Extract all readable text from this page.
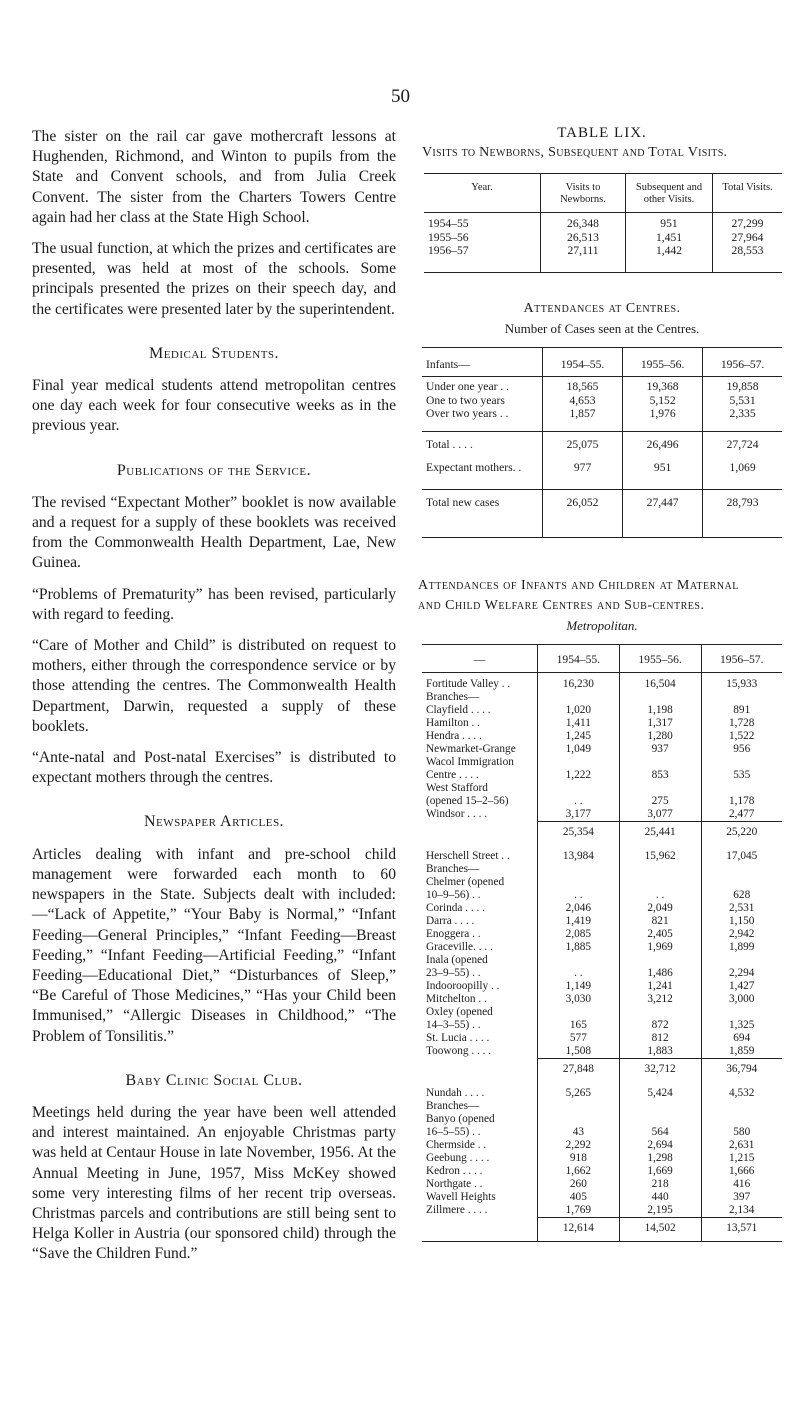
50

The sister on the rail car gave mothercraft lessons at Hughenden, Richmond, and Winton to pupils from the State and Convent schools, and from Julia Creek Convent. The sister from the Charters Towers Centre again had her class at the State High School.

The usual function, at which the prizes and certificates are presented, was held at most of the schools. Some principals presented the prizes on their speech day, and the certificates were presented later by the superintendent.

Medical Students.

Final year medical students attend metropolitan centres one day each week for four consecutive weeks as in the previous year.

Publications of the Service.

The revised “Expectant Mother” booklet is now available and a request for a supply of these booklets was received from the Commonwealth Health Department, Lae, New Guinea.

“Problems of Prematurity” has been revised, particularly with regard to feeding.

“Care of Mother and Child” is distributed on request to mothers, either through the correspondence service or by those attending the centres. The Commonwealth Health Department, Darwin, requested a supply of these booklets.

“Ante-natal and Post-natal Exercises” is distributed to expectant mothers through the centres.

Newspaper Articles.

Articles dealing with infant and pre-school child management were forwarded each month to 60 newspapers in the State. Subjects dealt with included:—“Lack of Appetite,” “Your Baby is Normal,” “Infant Feeding—General Principles,” “Infant Feeding—Breast Feeding,” “Infant Feeding—Artificial Feeding,” “Infant Feeding—Educational Diet,” “Disturbances of Sleep,” “Be Careful of Those Medicines,” “Has your Child been Immunised,” “Allergic Diseases in Childhood,” “The Problem of Tonsilitis.”

Baby Clinic Social Club.

Meetings held during the year have been well attended and interest maintained. An enjoyable Christmas party was held at Centaur House in late November, 1956. At the Annual Meeting in June, 1957, Miss McKey showed some very interesting films of her recent trip overseas. Christmas parcels and contributions are still being sent to Helga Koller in Austria (our sponsored child) through the “Save the Children Fund.”

TABLE LIX.
Visits to Newborns, Subsequent and Total Visits.
Year.	Visits to Newborns.	Subsequent and other Visits.	Total Visits.
1954–55	26,348	951	27,299
1955–56	26,513	1,451	27,964
1956–57	27,111	1,442	28,553
Attendances at Centres.
Number of Cases seen at the Centres.
Infants—	1954–55.	1955–56.	1956–57.
Under one year . .	18,565	19,368	19,858
One to two years	4,653	5,152	5,531
Over two years . .	1,857	1,976	2,335
Total . . . .	25,075	26,496	27,724
Expectant mothers. .	977	951	1,069
Total new cases	26,052	27,447	28,793
Attendances of Infants and Children at Maternal
and Child Welfare Centres and Sub-centres.
Metropolitan.
—	1954–55.	1955–56.	1956–57.
Fortitude Valley . .	16,230	16,504	15,933
Branches—			
Clayfield . . . .	1,020	1,198	891
Hamilton . .	1,411	1,317	1,728
Hendra . . . .	1,245	1,280	1,522
Newmarket-Grange	1,049	937	956
Wacol Immigration			
Centre . . . .	1,222	853	535
West Stafford			
(opened 15–2–56)	. .	275	1,178
Windsor . . . .	3,177	3,077	2,477
	25,354	25,441	25,220
Herschell Street . .	13,984	15,962	17,045
Branches—			
Chelmer (opened			
10–9–56) . .	. .	. .	628
Corinda . . . .	2,046	2,049	2,531
Darra . . . .	1,419	821	1,150
Enoggera . .	2,085	2,405	2,942
Graceville. . . .	1,885	1,969	1,899
Inala (opened			
23–9–55) . .	. .	1,486	2,294
Indooroopilly . .	1,149	1,241	1,427
Mitchelton . .	3,030	3,212	3,000
Oxley (opened			
14–3–55) . .	165	872	1,325
St. Lucia . . . .	577	812	694
Toowong . . . .	1,508	1,883	1,859
	27,848	32,712	36,794
Nundah . . . .	5,265	5,424	4,532
Branches—			
Banyo (opened			
16–5–55) . .	43	564	580
Chermside . .	2,292	2,694	2,631
Geebung . . . .	918	1,298	1,215
Kedron . . . .	1,662	1,669	1,666
Northgate . .	260	218	416
Wavell Heights	405	440	397
Zillmere . . . .	1,769	2,195	2,134
	12,614	14,502	13,571
